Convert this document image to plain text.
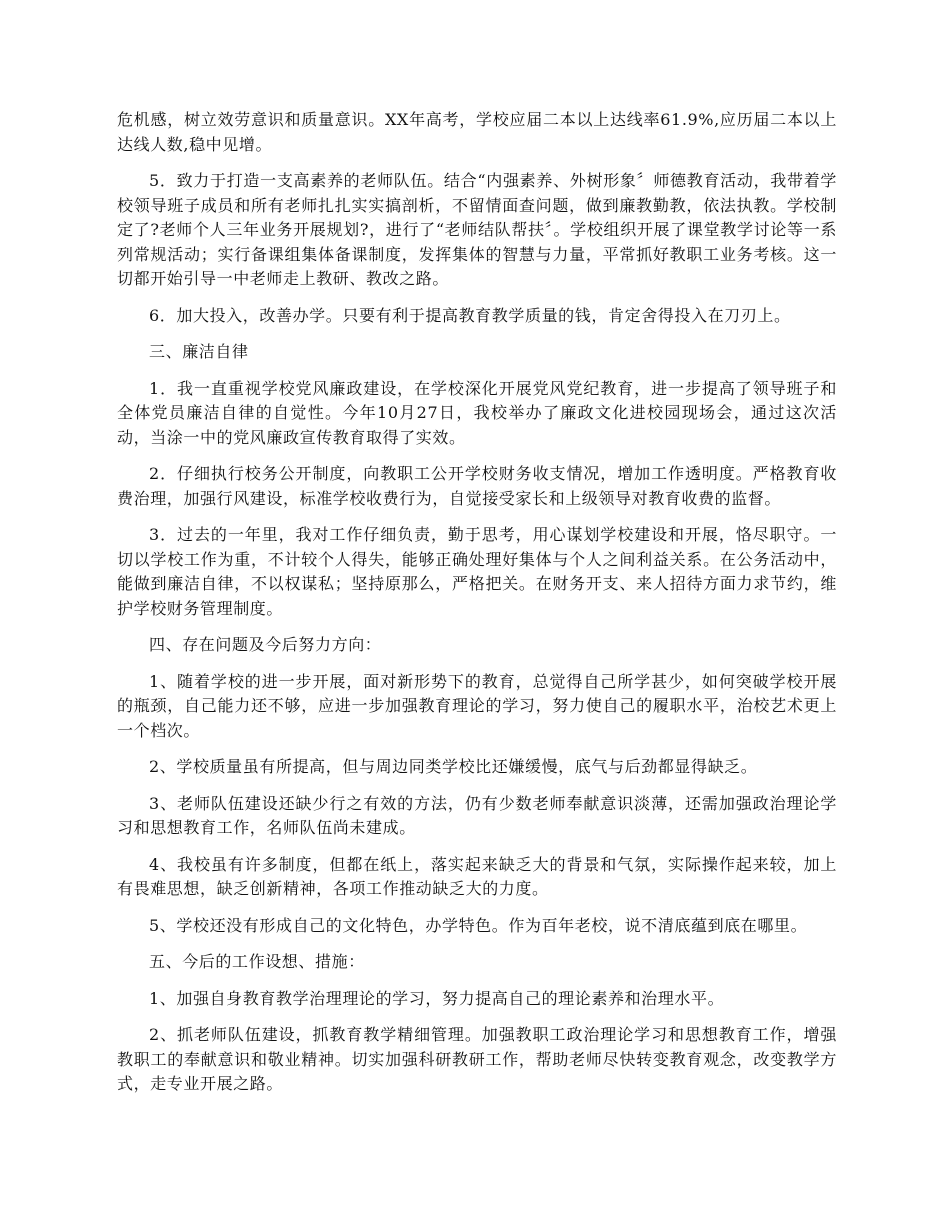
危机感，树立效劳意识和质量意识。XX年高考，学校应届二本以上达线率61.9%,应历届二本以上达线人数,稳中见增。

5．致力于打造一支高素养的老师队伍。结合“内强素养、外树形象〞师德教育活动，我带着学校领导班子成员和所有老师扎扎实实搞剖析，不留情面查问题，做到廉教勤教，依法执教。学校制定了?老师个人三年业务开展规划?，进行了“老师结队帮扶〞。学校组织开展了课堂教学讨论等一系列常规活动；实行备课组集体备课制度，发挥集体的智慧与力量，平常抓好教职工业务考核。这一切都开始引导一中老师走上教研、教改之路。

6．加大投入，改善办学。只要有利于提高教育教学质量的钱，肯定舍得投入在刀刃上。

三、廉洁自律

1．我一直重视学校党风廉政建设，在学校深化开展党风党纪教育，进一步提高了领导班子和全体党员廉洁自律的自觉性。今年10月27日，我校举办了廉政文化进校园现场会，通过这次活动，当涂一中的党风廉政宣传教育取得了实效。

2．仔细执行校务公开制度，向教职工公开学校财务收支情况，增加工作透明度。严格教育收费治理，加强行风建设，标准学校收费行为，自觉接受家长和上级领导对教育收费的监督。

3．过去的一年里，我对工作仔细负责，勤于思考，用心谋划学校建设和开展，恪尽职守。一切以学校工作为重，不计较个人得失，能够正确处理好集体与个人之间利益关系。在公务活动中，能做到廉洁自律，不以权谋私；坚持原那么，严格把关。在财务开支、来人招待方面力求节约，维护学校财务管理制度。

四、存在问题及今后努力方向：

1、随着学校的进一步开展，面对新形势下的教育，总觉得自己所学甚少，如何突破学校开展的瓶颈，自己能力还不够，应进一步加强教育理论的学习，努力使自己的履职水平，治校艺术更上一个档次。

2、学校质量虽有所提高，但与周边同类学校比还嫌缓慢，底气与后劲都显得缺乏。

3、老师队伍建设还缺少行之有效的方法，仍有少数老师奉献意识淡薄，还需加强政治理论学习和思想教育工作，名师队伍尚未建成。

4、我校虽有许多制度，但都在纸上，落实起来缺乏大的背景和气氛，实际操作起来较，加上有畏难思想，缺乏创新精神，各项工作推动缺乏大的力度。

5、学校还没有形成自己的文化特色，办学特色。作为百年老校，说不清底蕴到底在哪里。

五、今后的工作设想、措施：

1、加强自身教育教学治理理论的学习，努力提高自己的理论素养和治理水平。

2、抓老师队伍建设，抓教育教学精细管理。加强教职工政治理论学习和思想教育工作，增强教职工的奉献意识和敬业精神。切实加强科研教研工作，帮助老师尽快转变教育观念，改变教学方式，走专业开展之路。
